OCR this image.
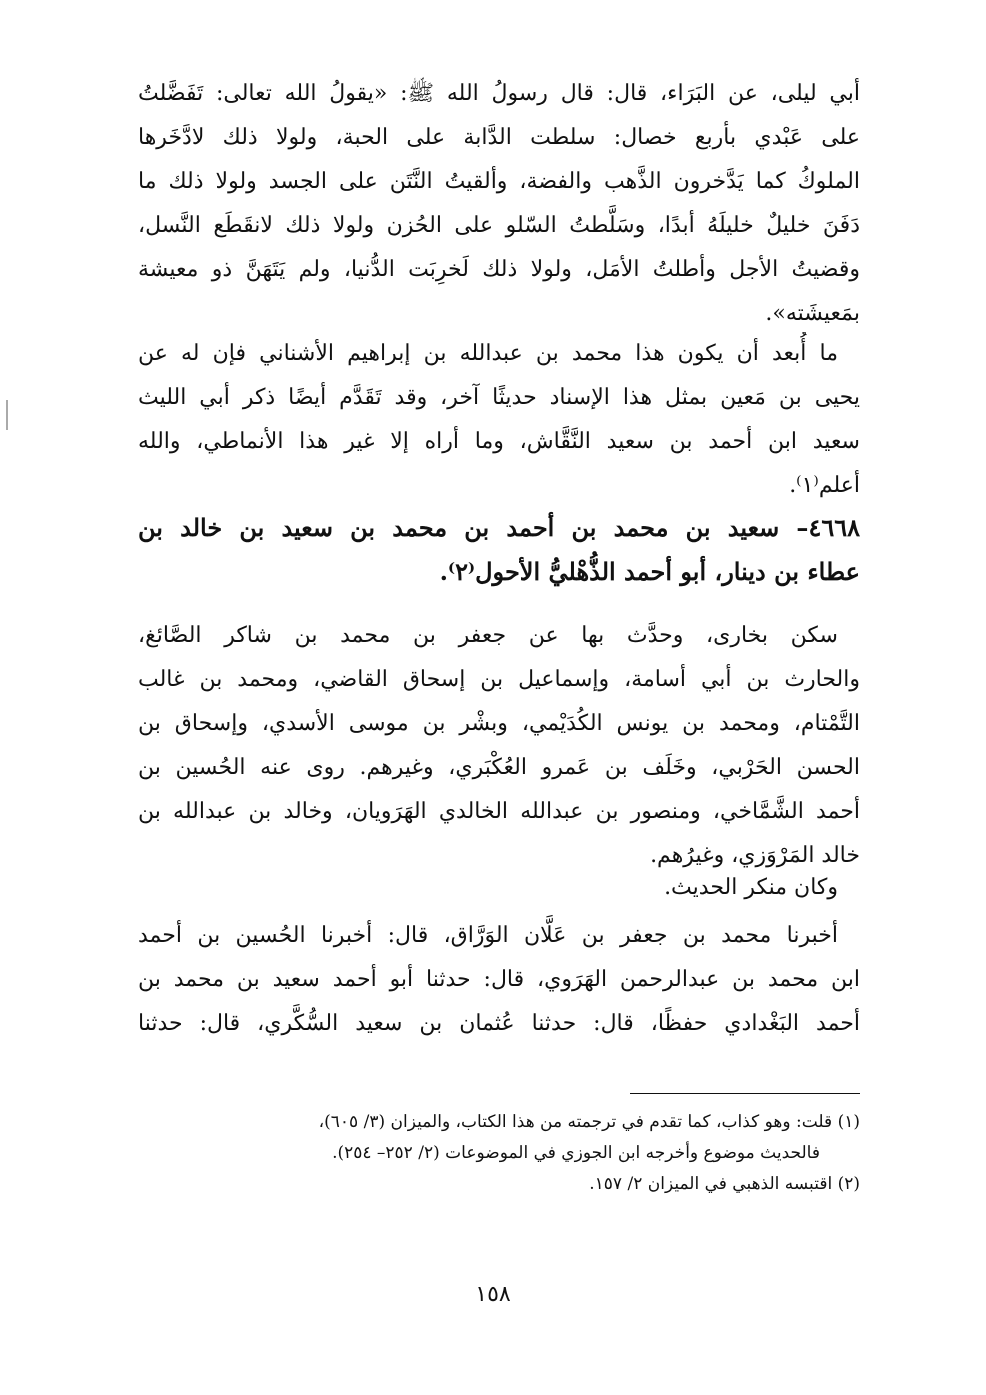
أبي ليلى، عن البَرَاء، قال: قال رسولُ الله ﷺ: «يقولُ الله تعالى: تَفَضَّلتُ
على عَبْدي بأربع خصال: سلطت الدَّابة على الحبة، ولولا ذلك لادَّخَرها
الملوكُ كما يَدَّخرون الذَّهب والفضة، وألقيتُ النَّتَن على الجسد ولولا ذلك ما
دَفَنَ خليلٌ خليلَهُ أبدًا، وسَلَّطتُ السّلو على الحُزن ولولا ذلك لانقَطَع النَّسل،
وقضيتُ الأجل وأطلتُ الأمَل، ولولا ذلك لَخرِبَت الدُّنيا، ولم يَتَهَنَّ ذو معيشة
بمَعيشَته».
ما أُبعد أن يكون هذا محمد بن عبدالله بن إبراهيم الأشناني فإن له عن
يحيى بن مَعين بمثل هذا الإسناد حديثًا آخر، وقد تَقَدَّم أيضًا ذكر أبي الليث
سعيد ابن أحمد بن سعيد النَّقَّاش، وما أراه إلا غير هذا الأنماطي، والله
أعلم⁽١⁾.
٤٦٦٨– سعيد بن محمد بن أحمد بن محمد بن سعيد بن خالد بن
عطاء بن دينار، أبو أحمد الذُّهْليُّ الأحول⁽٢⁾.
سكن بخارى، وحدَّث بها عن جعفر بن محمد بن شاكر الصَّائغ،
والحارث بن أبي أسامة، وإسماعيل بن إسحاق القاضي، ومحمد بن غالب
التَّمْتام، ومحمد بن يونس الكُدَيْمي، وبشْر بن موسى الأسدي، وإسحاق بن
الحسن الحَرْبي، وخَلَف بن عَمرو العُكْبَري، وغيرهم. روى عنه الحُسين بن
أحمد الشَّمَّاخي، ومنصور بن عبدالله الخالدي الهَرَويان، وخالد بن عبدالله بن
خالد المَرْوَزي، وغيرُهم.
وكان منكر الحديث.
أخبرنا محمد بن جعفر بن عَلَّان الوَرَّاق، قال: أخبرنا الحُسين بن أحمد
ابن محمد بن عبدالرحمن الهَرَوي، قال: حدثنا أبو أحمد سعيد بن محمد بن
أحمد البَغْدادي حفظًا، قال: حدثنا عُثمان بن سعيد السُّكَّري، قال: حدثنا
(١) قلت: وهو كذاب، كما تقدم في ترجمته من هذا الكتاب، والميزان (٣/ ٦٠٥)،
فالحديث موضوع وأخرجه ابن الجوزي في الموضوعات (٢/ ٢٥٢– ٢٥٤).
(٢) اقتبسه الذهبي في الميزان ٢/ ١٥٧.
١٥٨
